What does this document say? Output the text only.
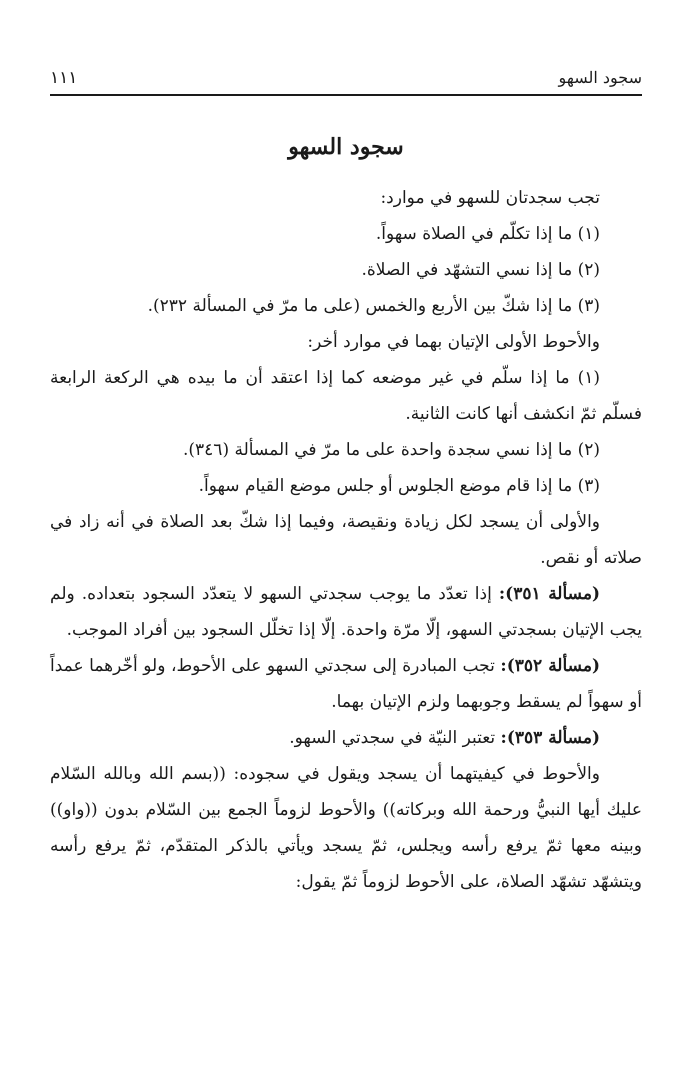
سجود السهو
١١١
سجود السهو

تجب سجدتان للسهو في موارد:

(١) ما إذا تكلّم في الصلاة سهواً.

(٢) ما إذا نسي التشهّد في الصلاة.

(٣) ما إذا شكّ بين الأربع والخمس (على ما مرّ في المسألة ٢٣٢).

والأحوط الأولى الإتيان بهما في موارد أخر:

(١) ما إذا سلّم في غير موضعه كما إذا اعتقد أن ما بيده هي الركعة الرابعة فسلّم ثمّ انكشف أنها كانت الثانية.

(٢) ما إذا نسي سجدة واحدة على ما مرّ في المسألة (٣٤٦).

(٣) ما إذا قام موضع الجلوس أو جلس موضع القيام سهواً.

والأولى أن يسجد لكل زيادة ونقيصة، وفيما إذا شكّ بعد الصلاة في أنه زاد في صلاته أو نقص.

(مسألة ٣٥١): إذا تعدّد ما يوجب سجدتي السهو لا يتعدّد السجود بتعداده. ولم يجب الإتيان بسجدتي السهو، إلّا مرّة واحدة. إلّا إذا تخلّل السجود بين أفراد الموجب.

(مسألة ٣٥٢): تجب المبادرة إلى سجدتي السهو على الأحوط، ولو أخّرهما عمداً أو سهواً لم يسقط وجوبهما ولزم الإتيان بهما.

(مسألة ٣٥٣): تعتبر النيّة في سجدتي السهو.

والأحوط في كيفيتهما أن يسجد ويقول في سجوده: ((بسم الله وبالله السّلام عليك أيها النبيُّ ورحمة الله وبركاته)) والأحوط لزوماً الجمع بين السّلام بدون ((واو)) وبينه معها ثمّ يرفع رأسه ويجلس، ثمّ يسجد ويأتي بالذكر المتقدّم، ثمّ يرفع رأسه ويتشهّد تشهّد الصلاة، على الأحوط لزوماً ثمّ يقول:
